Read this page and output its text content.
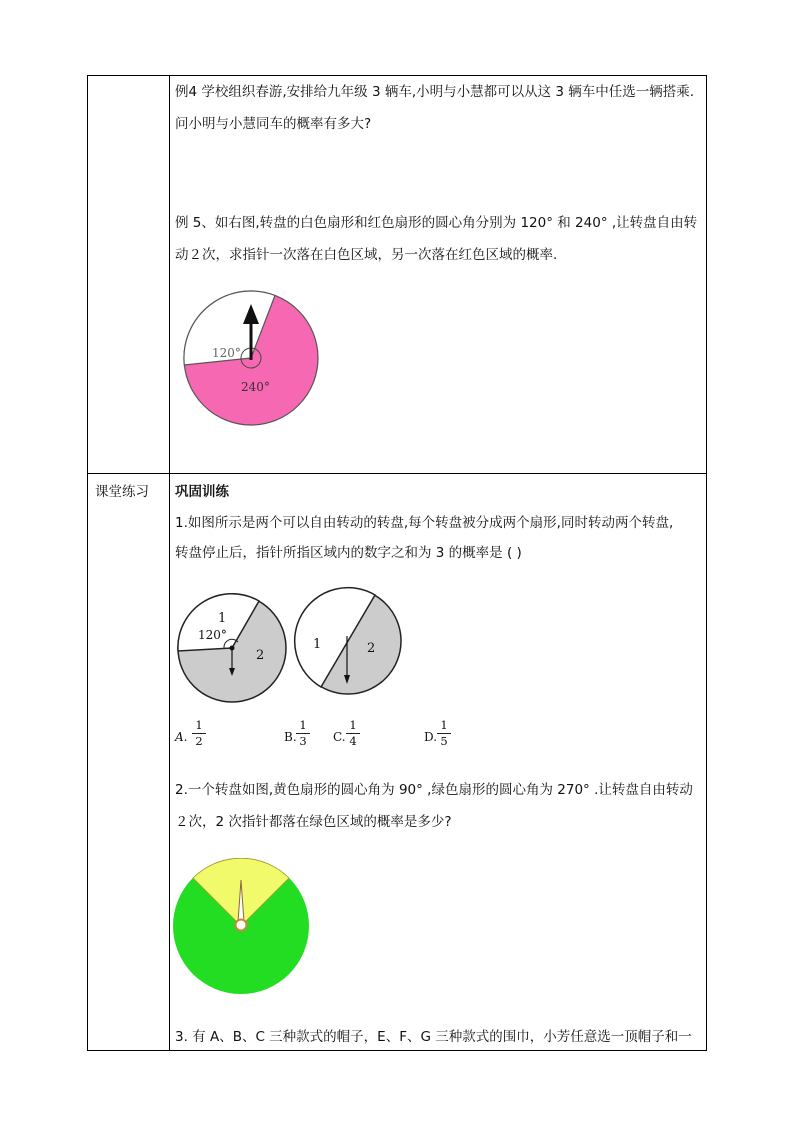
例4 学校组织春游,安排给九年级 3 辆车,小明与小慧都可以从这 3 辆车中任选一辆搭乘.
问小明与小慧同车的概率有多大?
例 5、如右图,转盘的白色扇形和红色扇形的圆心角分别为 120° 和 240° ,让转盘自由转
动２次，求指针一次落在白色区域，另一次落在红色区域的概率.
120°
240°
课堂练习 巩固训练
1.如图所示是两个可以自由转动的转盘,每个转盘被分成两个扇形,同时转动两个转盘,
转盘停止后，指针所指区域内的数字之和为 3 的概率是 ( )
1
120°
2
1	2
A.
1
2	B.
1
3 C.
1
4	D.
1
5
2.一个转盘如图,黄色扇形的圆心角为 90° ,绿色扇形的圆心角为 270° .让转盘自由转动
２次，2 次指针都落在绿色区域的概率是多少?
3. 有 A、B、C 三种款式的帽子，E、F、G 三种款式的围巾，小芳任意选一顶帽子和一
